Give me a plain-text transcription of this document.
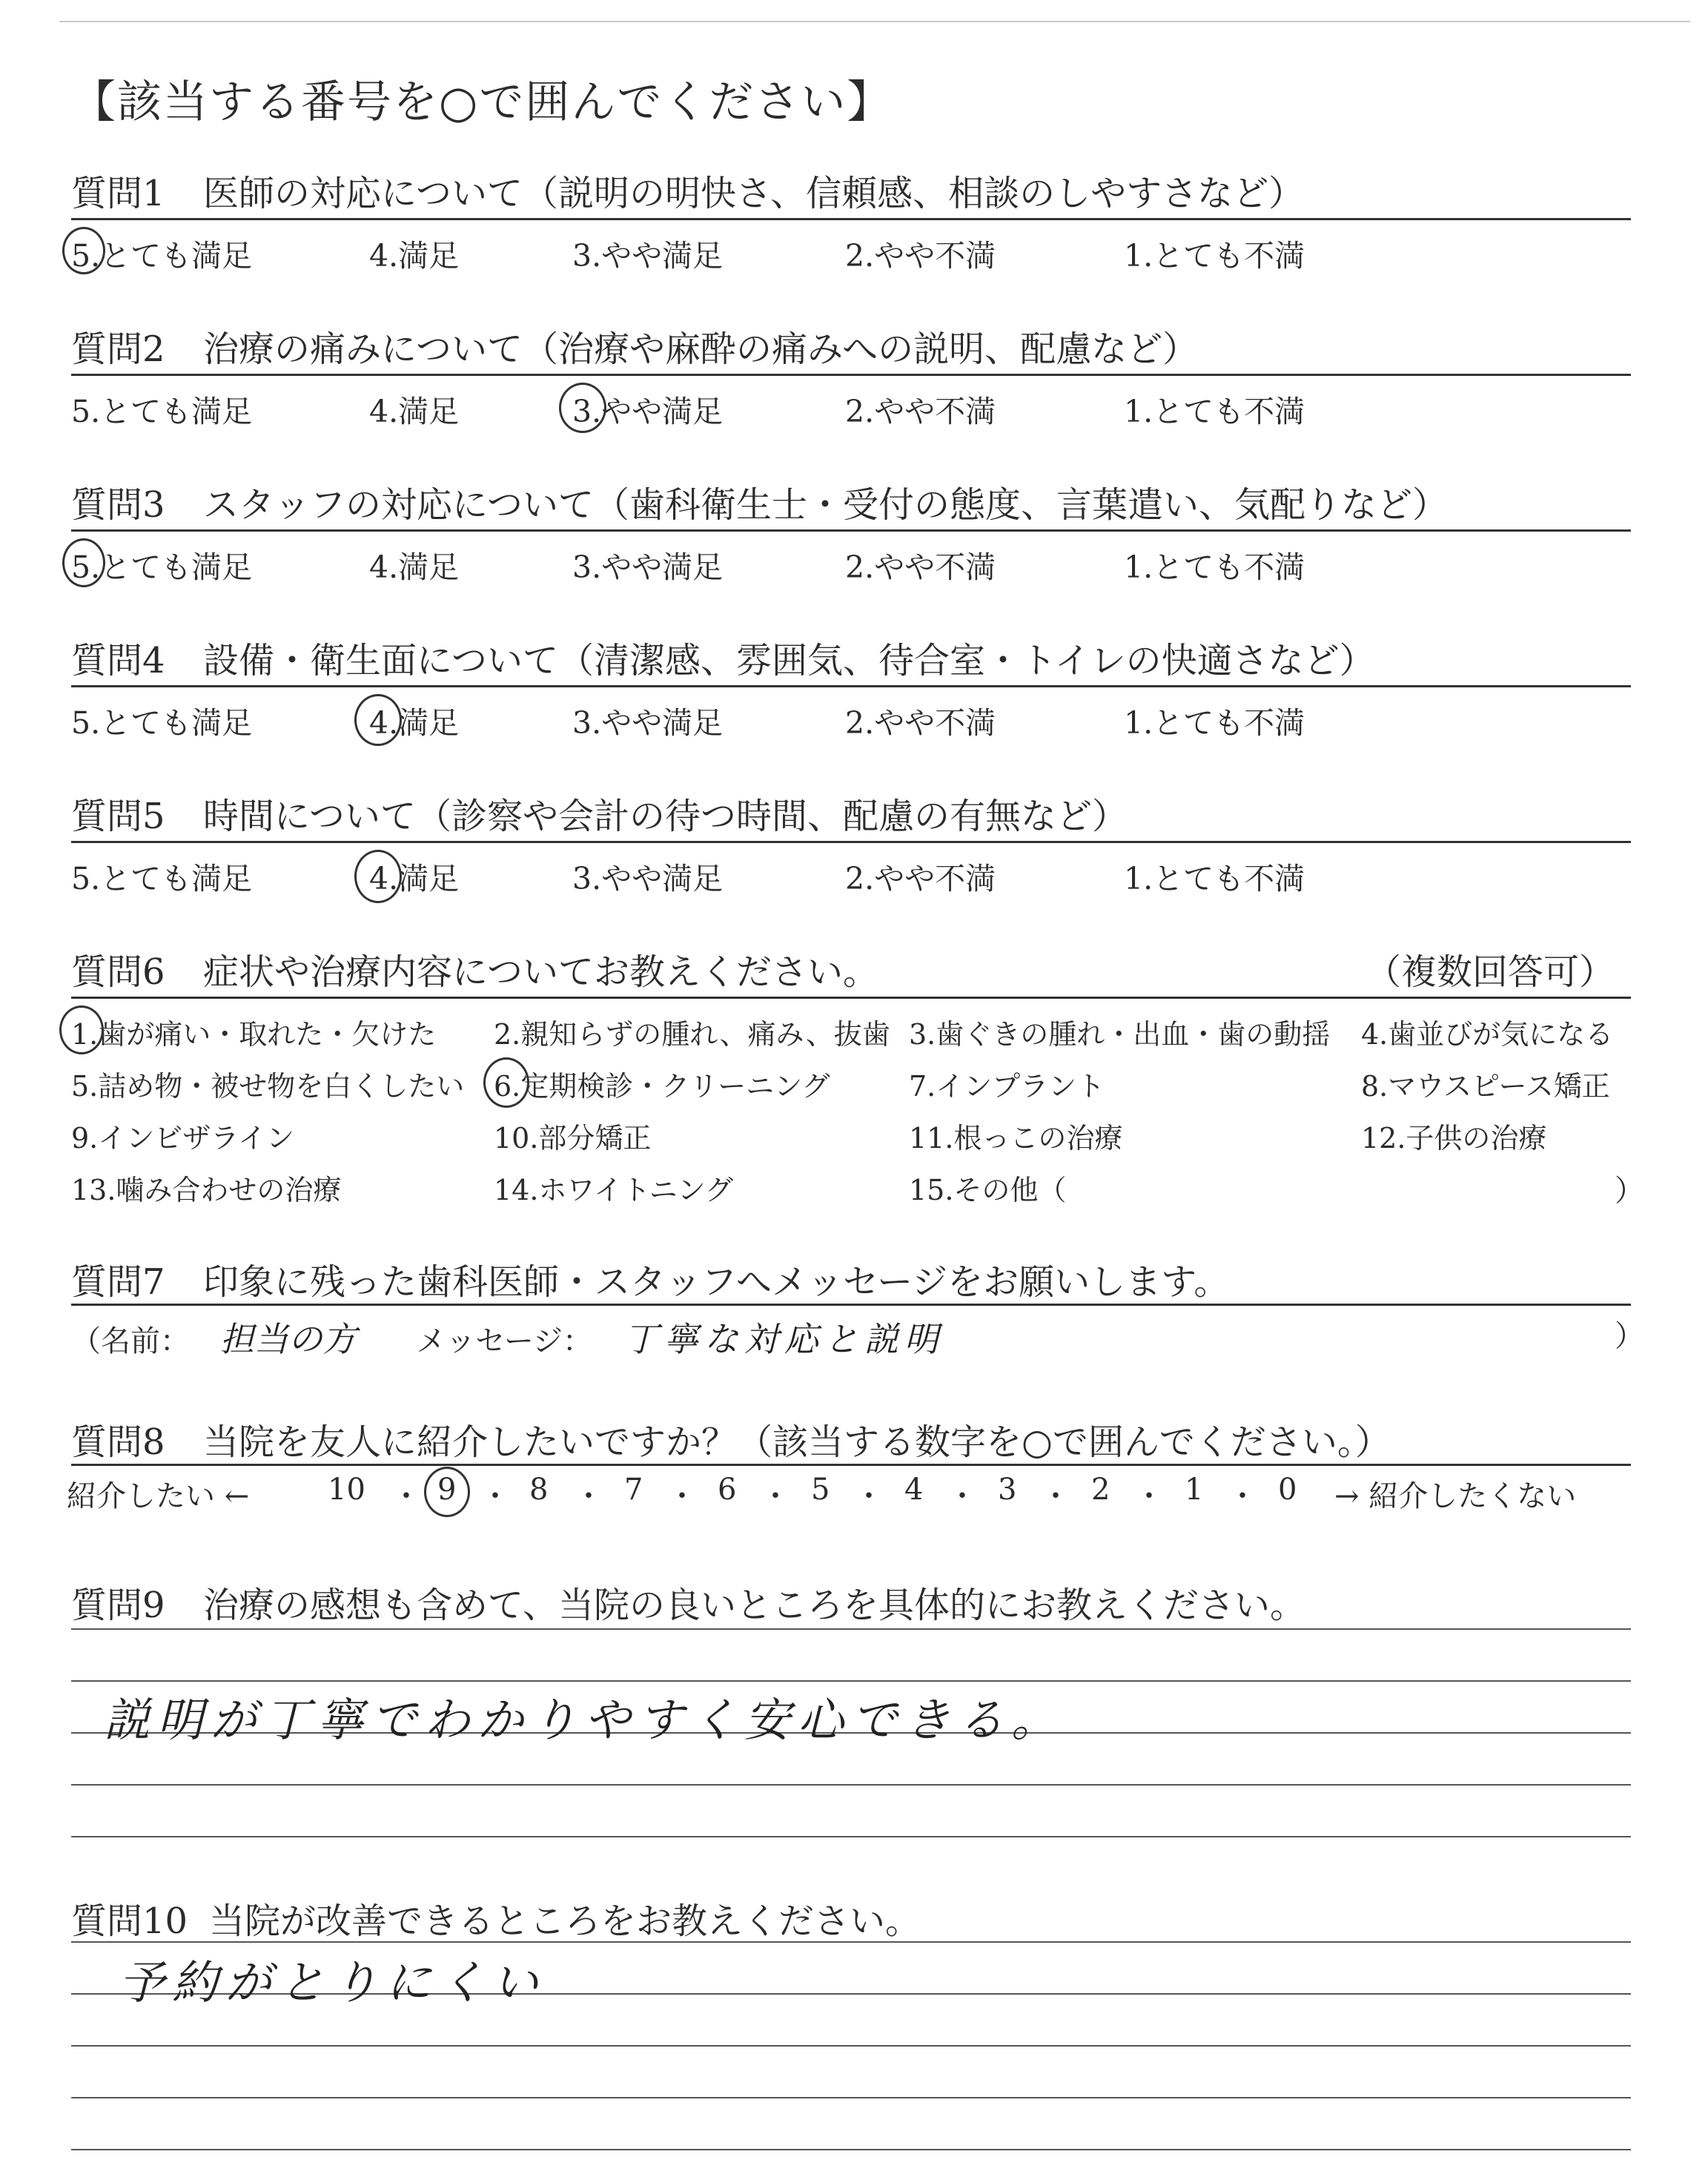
【該当する番号を○で囲んでください】
質問1 医師の対応について（説明の明快さ、信頼感、相談のしやすさなど）
5.とても満足	4.満足	3.やや満足	2.やや不満	1.とても不満
質問2 治療の痛みについて（治療や麻酔の痛みへの説明、配慮など）
5.とても満足	4.満足	3.やや満足	2.やや不満	1.とても不満
質問3 スタッフの対応について（歯科衛生士・受付の態度、言葉遣い、気配りなど）
5.とても満足	4.満足	3.やや満足	2.やや不満	1.とても不満
質問4 設備・衛生面について（清潔感、雰囲気、待合室・トイレの快適さなど）
5.とても満足	4.満足	3.やや満足	2.やや不満	1.とても不満
質問5 時間について（診察や会計の待つ時間、配慮の有無など）
5.とても満足	4.満足	3.やや満足	2.やや不満	1.とても不満
質問6 症状や治療内容についてお教えください。	（複数回答可）
1.歯が痛い・取れた・欠けた 2.親知らずの腫れ、痛み、抜歯 3.歯ぐきの腫れ・出血・歯の動揺 4.歯並びが気になる
5.詰め物・被せ物を白くしたい 6.定期検診・クリーニング	7.インプラント	8.マウスピース矯正
9.インビザライン	10.部分矯正	11.根っこの治療	12.子供の治療
13.噛み合わせの治療	14.ホワイトニング	15.その他（	）
質問7 印象に残った歯科医師・スタッフへメッセージをお願いします。
（名前： 担当の方 メッセージ： 丁寧な対応と説明	）
質問8 当院を友人に紹介したいですか？（該当する数字を○で囲んでください。）
紹介したい ←	10 ・ 9 ・ 8 ・ 7 ・ 6 ・ 5 ・ 4 ・ 3 ・ 2 ・ 1 ・ 0 → 紹介したくない
質問9 治療の感想も含めて、当院の良いところを具体的にお教えください。
説明が丁寧でわかりやすく安心できる。
質問10 当院が改善できるところをお教えください。
予約がとりにくい
